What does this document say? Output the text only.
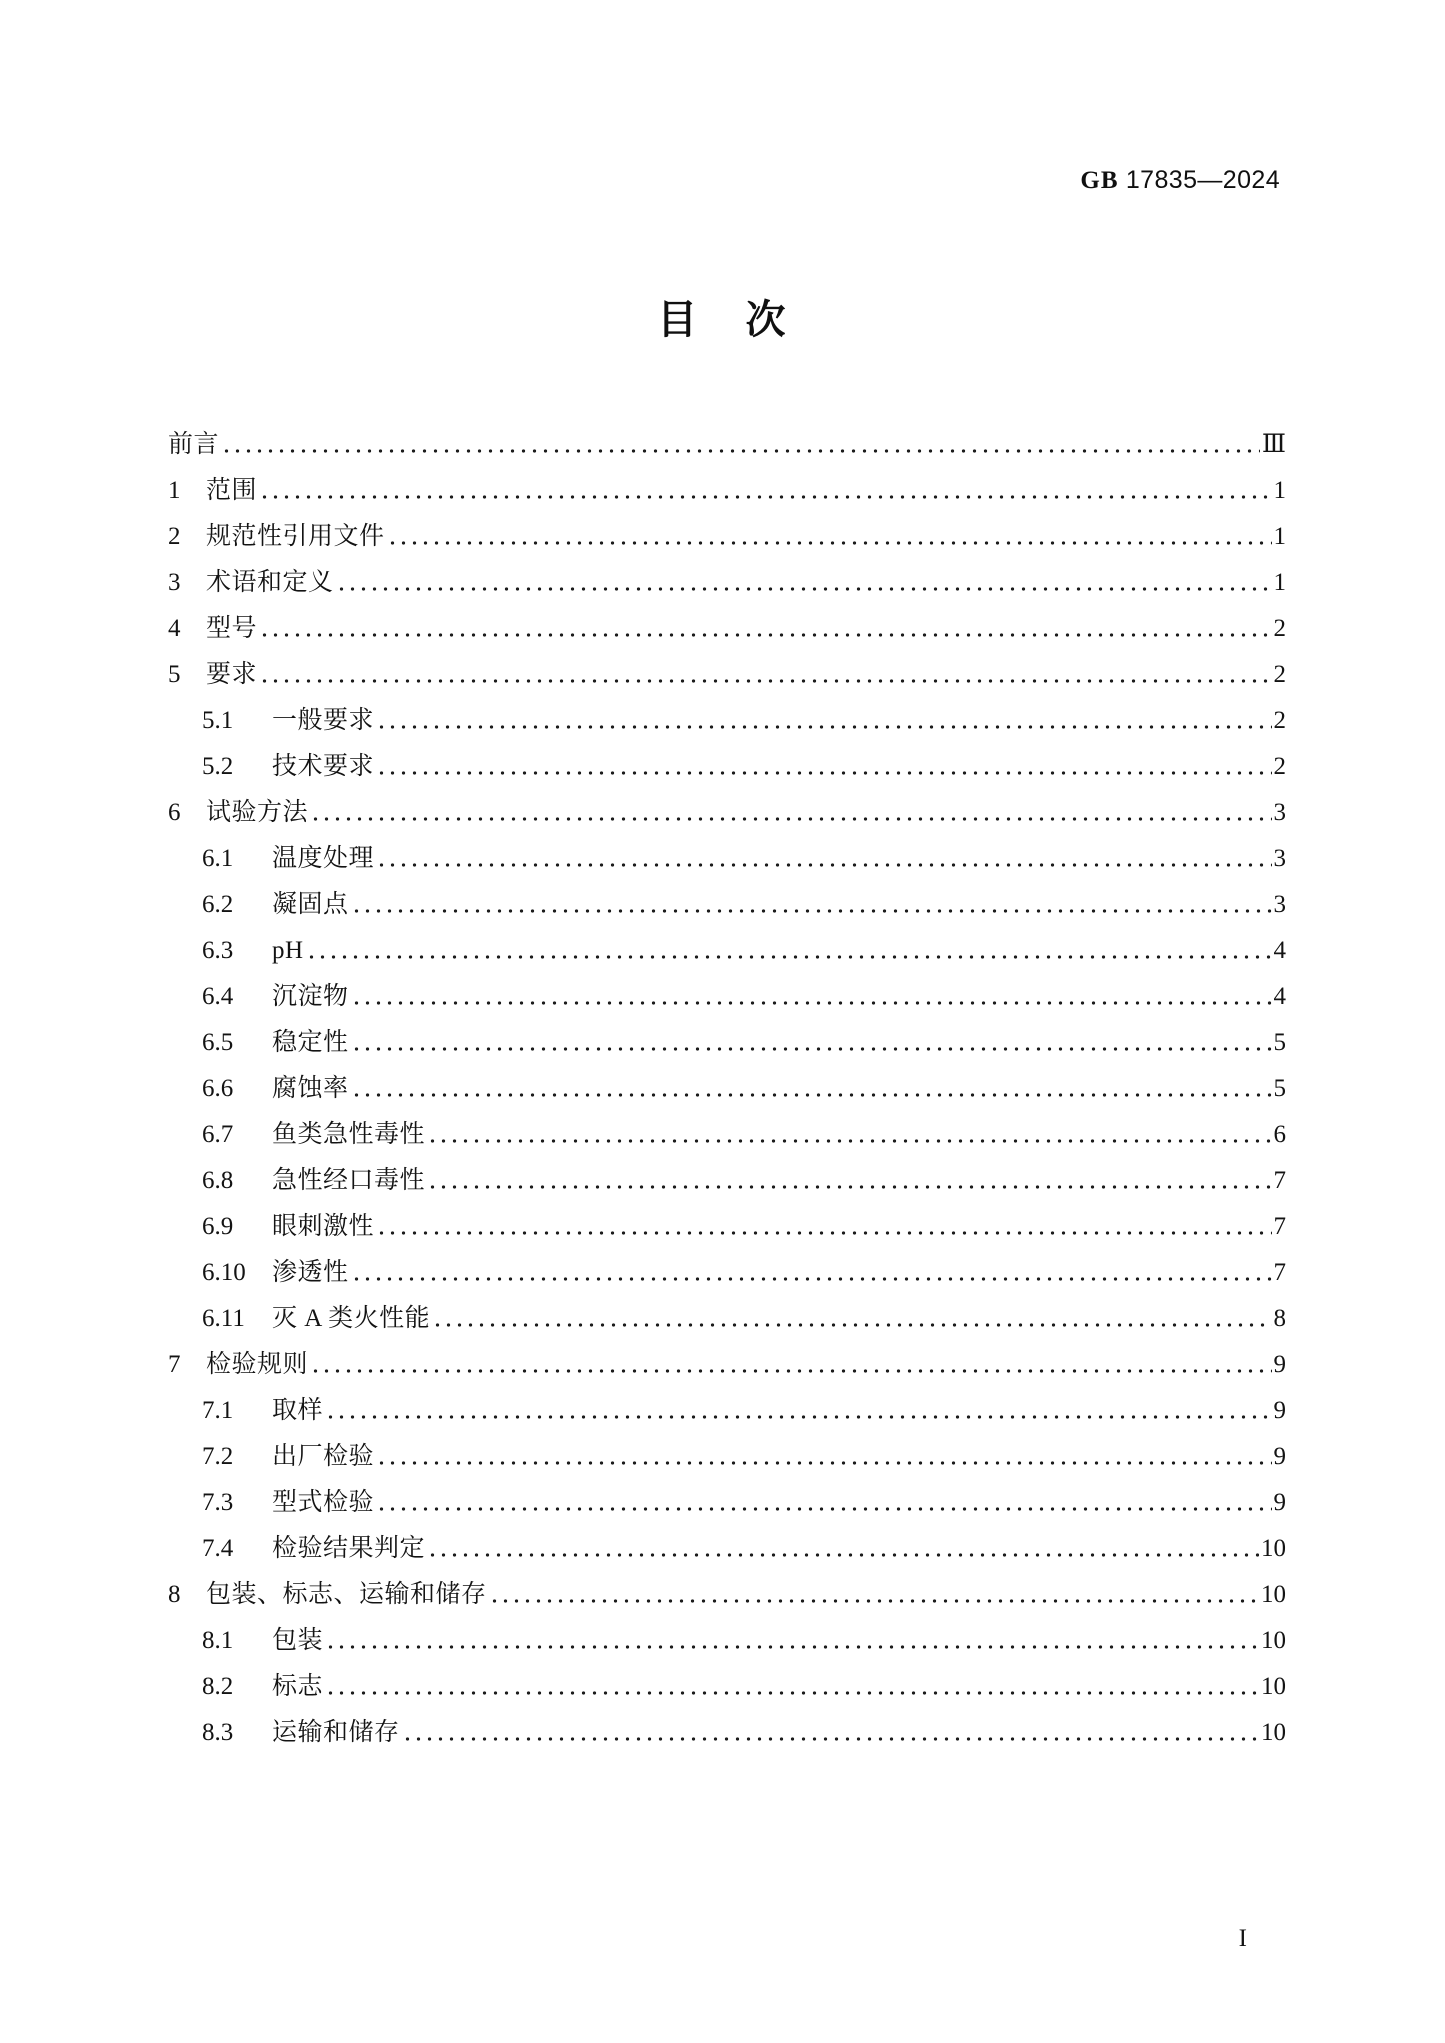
GB 17835—2024
目 次
前言	Ⅲ
1	范围	1
2	规范性引用文件	1
3	术语和定义	1
4	型号	2
5	要求	2
5.1	一般要求	2
5.2	技术要求	2
6	试验方法	3
6.1	温度处理	3
6.2	凝固点	3
6.3	pH	4
6.4	沉淀物	4
6.5	稳定性	5
6.6	腐蚀率	5
6.7	鱼类急性毒性	6
6.8	急性经口毒性	7
6.9	眼刺激性	7
6.10	渗透性	7
6.11	灭 A 类火性能	8
7	检验规则	9
7.1	取样	9
7.2	出厂检验	9
7.3	型式检验	9
7.4	检验结果判定	10
8	包装、标志、运输和储存	10
8.1	包装	10
8.2	标志	10
8.3	运输和储存	10
I
